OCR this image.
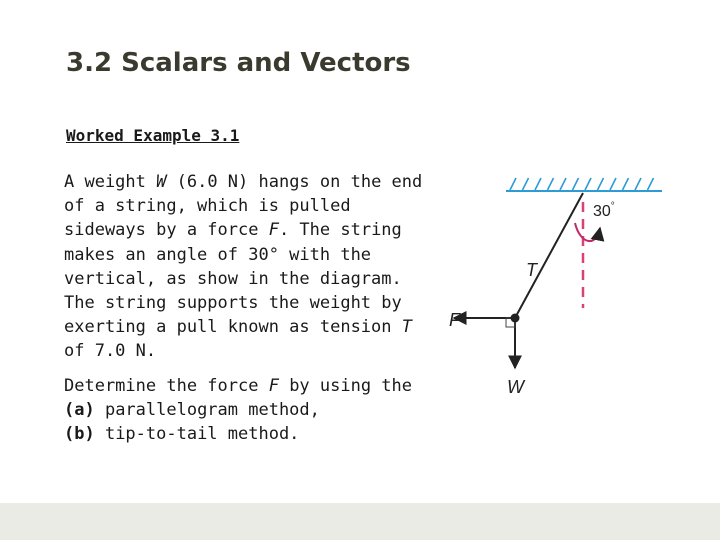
3.2 Scalars and Vectors
Worked Example 3.1

A weight W (6.0 N) hangs on the end of a string, which is pulled sideways by a force F. The string makes an angle of 30° with the vertical, as show in the diagram. The string supports the weight by exerting a pull known as tension T of 7.0 N.

Determine the force F by using the
(a) parallelogram method,
(b) tip-to-tail method.

30°
T
F
W
